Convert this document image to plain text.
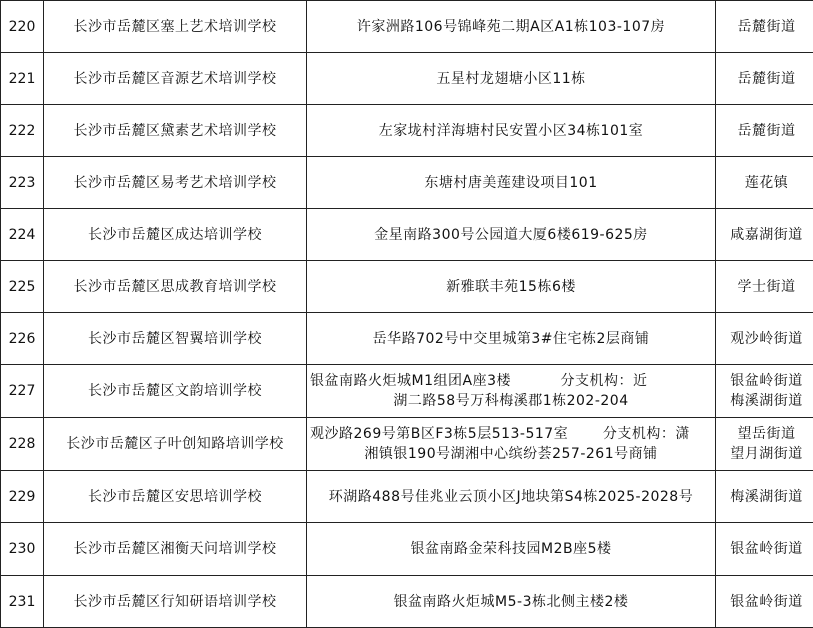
220	长沙市岳麓区塞上艺术培训学校	许家洲路106号锦峰苑二期A区A1栋103-107房	岳麓街道

221	长沙市岳麓区音源艺术培训学校	五星村龙翅塘小区11栋	岳麓街道

222	长沙市岳麓区黛素艺术培训学校	左家垅村洋海塘村民安置小区34栋101室	岳麓街道

223	长沙市岳麓区易考艺术培训学校	东塘村唐美莲建设项目101	莲花镇

224	长沙市岳麓区成达培训学校	金星南路300号公园道大厦6楼619-625房	咸嘉湖街道

225	长沙市岳麓区思成教育培训学校	新雅联丰苑15栋6楼	学士街道

226	长沙市岳麓区智翼培训学校	岳华路702号中交里城第3#住宅栋2层商铺	观沙岭街道

227	长沙市岳麓区文韵培训学校	银盆南路火炬城M1组团A座3楼          分支机构：近
湖二路58号万科梅溪郡1栋202-204	银盆岭街道
梅溪湖街道

228	长沙市岳麓区子叶创知路培训学校	观沙路269号第B区F3栋5层513-517室       分支机构：潇
湘镇银190号湖湘中心缤纷荟257-261号商铺	望岳街道
望月湖街道

229	长沙市岳麓区安思培训学校	环湖路488号佳兆业云顶小区J地块第S4栋2025-2028号	梅溪湖街道

230	长沙市岳麓区湘衡天问培训学校	银盆南路金荣科技园M2B座5楼	银盆岭街道

231	长沙市岳麓区行知研语培训学校	银盆南路火炬城M5-3栋北侧主楼2楼	银盆岭街道
